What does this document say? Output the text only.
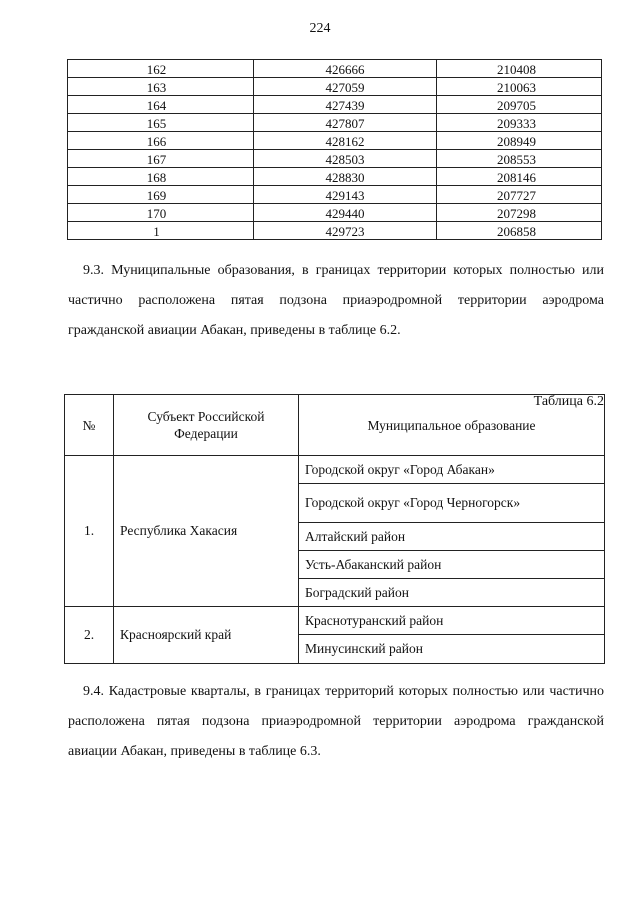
224
162	426666	210408
163	427059	210063
164	427439	209705
165	427807	209333
166	428162	208949
167	428503	208553
168	428830	208146
169	429143	207727
170	429440	207298
1	429723	206858

9.3. Муниципальные образования, в границах территории которых полностью или частично расположена пятая подзона приаэродромной территории аэродрома гражданской авиации Абакан, приведены в таблице 6.2.

Таблица 6.2
№	Субъект Российской Федерации	Муниципальное образование
1.	Республика Хакасия	Городской округ «Город Абакан»
		Городской округ «Город Черногорск»
		Алтайский район
		Усть-Абаканский район
		Боградский район
2.	Красноярский край	Краснотуранский район
		Минусинский район

9.4. Кадастровые кварталы, в границах территорий которых полностью или частично расположена пятая подзона приаэродромной территории аэродрома гражданской авиации Абакан, приведены в таблице 6.3.
